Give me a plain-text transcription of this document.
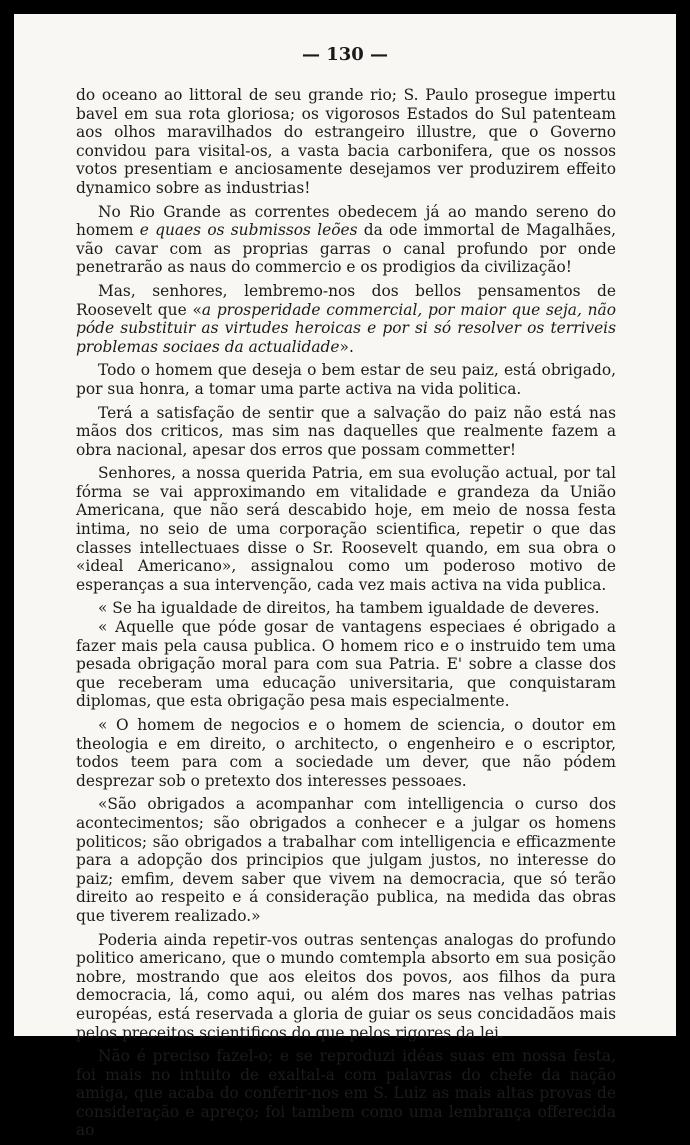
— 130 —

do oceano ao littoral de seu grande rio; S. Paulo prosegue impertu bavel em sua rota gloriosa; os vigorosos Estados do Sul patenteam aos olhos maravilhados do estrangeiro illustre, que o Governo convidou para visital-os, a vasta bacia carbonifera, que os nossos votos presentiam e anciosamente desejamos ver produzirem effeito dynamico sobre as industrias!

No Rio Grande as correntes obedecem já ao mando sereno do homem e quaes os submissos leões da ode immortal de Magalhães, vão cavar com as proprias garras o canal profundo por onde penetrarão as naus do commercio e os prodigios da civilização!

Mas, senhores, lembremo-nos dos bellos pensamentos de Roosevelt que «a prosperidade commercial, por maior que seja, não póde substituir as virtudes heroicas e por si só resolver os terriveis problemas sociaes da actualidade».

Todo o homem que deseja o bem estar de seu paiz, está obrigado, por sua honra, a tomar uma parte activa na vida politica.

Terá a satisfação de sentir que a salvação do paiz não está nas mãos dos criticos, mas sim nas daquelles que realmente fazem a obra nacional, apesar dos erros que possam commetter!

Senhores, a nossa querida Patria, em sua evolução actual, por tal fórma se vai approximando em vitalidade e grandeza da União Americana, que não será descabido hoje, em meio de nossa festa intima, no seio de uma corporação scientifica, repetir o que das classes intellectuaes disse o Sr. Roosevelt quando, em sua obra o «ideal Americano», assignalou como um poderoso motivo de esperanças a sua intervenção, cada vez mais activa na vida publica.

« Se ha igualdade de direitos, ha tambem igualdade de deveres.

« Aquelle que póde gosar de vantagens especiaes é obrigado a fazer mais pela causa publica. O homem rico e o instruido tem uma pesada obrigação moral para com sua Patria. E' sobre a classe dos que receberam uma educação universitaria, que conquistaram diplomas, que esta obrigação pesa mais especialmente.

« O homem de negocios e o homem de sciencia, o doutor em theologia e em direito, o architecto, o engenheiro e o escriptor, todos teem para com a sociedade um dever, que não pódem desprezar sob o pretexto dos interesses pessoaes.

«São obrigados a acompanhar com intelligencia o curso dos acontecimentos; são obrigados a conhecer e a julgar os homens politicos; são obrigados a trabalhar com intelligencia e efficazmente para a adopção dos principios que julgam justos, no interesse do paiz; emfim, devem saber que vivem na democracia, que só terão direito ao respeito e á consideração publica, na medida das obras que tiverem realizado.»

Poderia ainda repetir-vos outras sentenças analogas do profundo politico americano, que o mundo comtempla absorto em sua posição nobre, mostrando que aos eleitos dos povos, aos filhos da pura democracia, lá, como aqui, ou além dos mares nas velhas patrias européas, está reservada a gloria de guiar os seus concidadãos mais pelos preceitos scientificos do que pelos rigores da lei.

Não é preciso fazel-o; e se reproduzi idéas suas em nossa festa, foi mais no intuito de exaltal-a com palavras do chefe da nação amiga, que acaba do conferir-nos em S. Luiz as mais altas provas de consideração e apreço; foi tambem como uma lembrança offerecida ao
